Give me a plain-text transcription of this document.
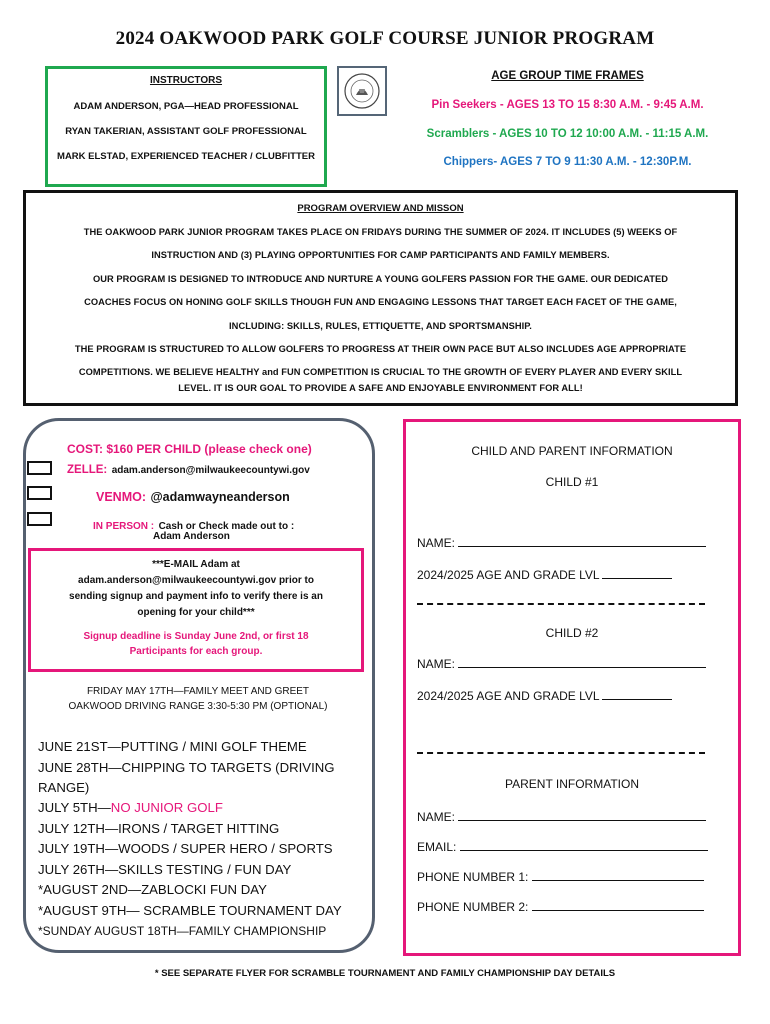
2024 OAKWOOD PARK GOLF COURSE JUNIOR PROGRAM
INSTRUCTORS
ADAM ANDERSON, PGA—HEAD PROFESSIONAL
RYAN TAKERIAN, ASSISTANT GOLF PROFESSIONAL
MARK ELSTAD, EXPERIENCED TEACHER / CLUBFITTER
AGE GROUP TIME FRAMES
Pin Seekers - AGES 13 TO 15 8:30 A.M. - 9:45 A.M.
Scramblers - AGES 10 TO 12 10:00 A.M. - 11:15 A.M.
Chippers- AGES 7 TO 9 11:30 A.M. - 12:30P.M.
PROGRAM OVERVIEW AND MISSON
THE OAKWOOD PARK JUNIOR PROGRAM TAKES PLACE ON FRIDAYS DURING THE SUMMER OF 2024. IT INCLUDES (5) WEEKS OF
INSTRUCTION AND (3) PLAYING OPPORTUNITIES FOR CAMP PARTICIPANTS AND FAMILY MEMBERS.
OUR PROGRAM IS DESIGNED TO INTRODUCE AND NURTURE A YOUNG GOLFERS PASSION FOR THE GAME. OUR DEDICATED
COACHES FOCUS ON HONING GOLF SKILLS THOUGH FUN AND ENGAGING LESSONS THAT TARGET EACH FACET OF THE GAME,
INCLUDING: SKILLS, RULES, ETTIQUETTE, AND SPORTSMANSHIP.
THE PROGRAM IS STRUCTURED TO ALLOW GOLFERS TO PROGRESS AT THEIR OWN PACE BUT ALSO INCLUDES AGE APPROPRIATE
COMPETITIONS. WE BELIEVE HEALTHY and FUN COMPETITION IS CRUCIAL TO THE GROWTH OF EVERY PLAYER AND EVERY SKILL
LEVEL. IT IS OUR GOAL TO PROVIDE A SAFE AND ENJOYABLE ENVIRONMENT FOR ALL!
COST: $160 PER CHILD (please check one)
ZELLE: adam.anderson@milwaukeecountywi.gov
VENMO: @adamwayneanderson
IN PERSON : Cash or Check made out to :
Adam Anderson
***E-MAIL Adam at
adam.anderson@milwaukeecountywi.gov prior to
sending signup and payment info to verify there is an
opening for your child***
Signup deadline is Sunday June 2nd, or first 18
Participants for each group.
FRIDAY MAY 17TH—FAMILY MEET AND GREET
OAKWOOD DRIVING RANGE 3:30-5:30 PM (OPTIONAL)
JUNE 21ST—PUTTING / MINI GOLF THEME
JUNE 28TH—CHIPPING TO TARGETS (DRIVING
RANGE)
JULY 5TH—NO JUNIOR GOLF
JULY 12TH—IRONS / TARGET HITTING
JULY 19TH—WOODS / SUPER HERO / SPORTS
JULY 26TH—SKILLS TESTING / FUN DAY
*AUGUST 2ND—ZABLOCKI FUN DAY
*AUGUST 9TH— SCRAMBLE TOURNAMENT DAY
*SUNDAY AUGUST 18TH—FAMILY CHAMPIONSHIP
CHILD AND PARENT INFORMATION
CHILD #1
NAME:
2024/2025 AGE AND GRADE LVL
CHILD #2
NAME:
2024/2025 AGE AND GRADE LVL
PARENT INFORMATION
NAME:
EMAIL:
PHONE NUMBER 1:
PHONE NUMBER 2:
* SEE SEPARATE FLYER FOR SCRAMBLE TOURNAMENT AND FAMILY CHAMPIONSHIP DAY DETAILS
